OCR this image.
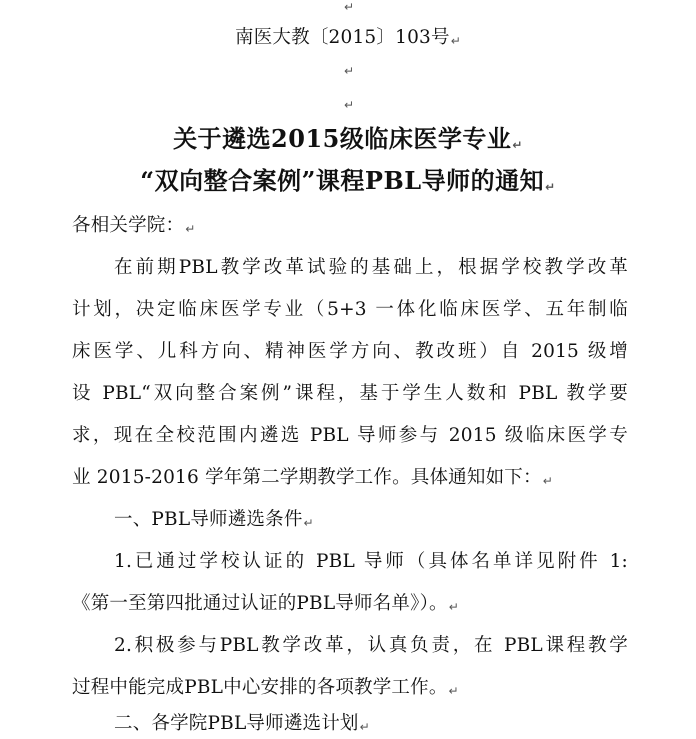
↵
南医大教〔2015〕103号↵
↵
↵
关于遴选2015级临床医学专业↵
“双向整合案例”课程PBL导师的通知↵
各相关学院：↵
在前期PBL教学改革试验的基础上，根据学校教学改革
计划，决定临床医学专业（5+3 一体化临床医学、五年制临
床医学、儿科方向、精神医学方向、教改班）自 2015 级增
设 PBL“双向整合案例”课程，基于学生人数和 PBL 教学要
求，现在全校范围内遴选 PBL 导师参与 2015 级临床医学专
业 2015-2016 学年第二学期教学工作。具体通知如下：↵
一、PBL导师遴选条件↵
1.已通过学校认证的 PBL 导师（具体名单详见附件 1:
《第一至第四批通过认证的PBL导师名单》）。↵
2.积极参与PBL教学改革，认真负责，在 PBL课程教学
过程中能完成PBL中心安排的各项教学工作。↵
二、各学院PBL导师遴选计划↵
